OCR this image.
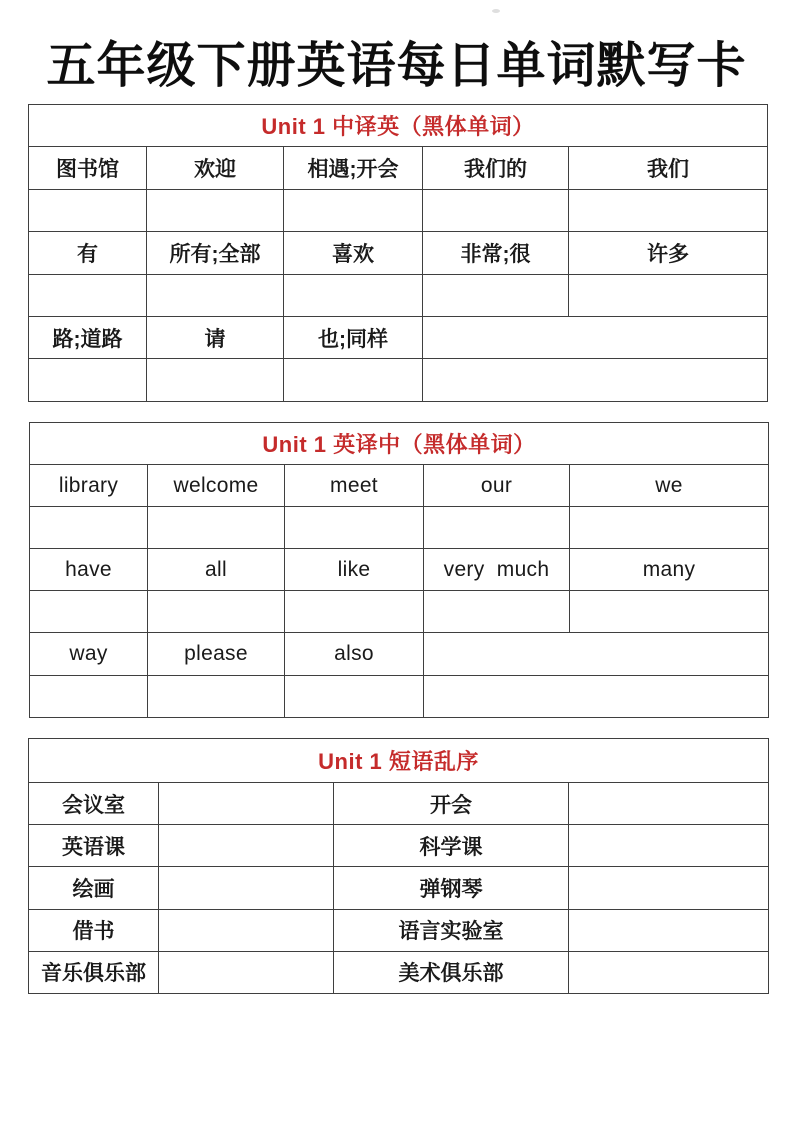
五年级下册英语每日单词默写卡
Unit 1 中译英（黑体单词）				
图书馆	欢迎	相遇;开会	我们的	我们

有	所有;全部	喜欢	非常;很	许多

路;道路	请	也;同样		

Unit 1 英译中（黑体单词）				
library	welcome	meet	our	we

have	all	like	very  much	many

way	please	also		

Unit 1 短语乱序			
会议室		开会	
英语课		科学课	
绘画		弹钢琴	
借书		语言实验室	
音乐俱乐部		美术俱乐部	
